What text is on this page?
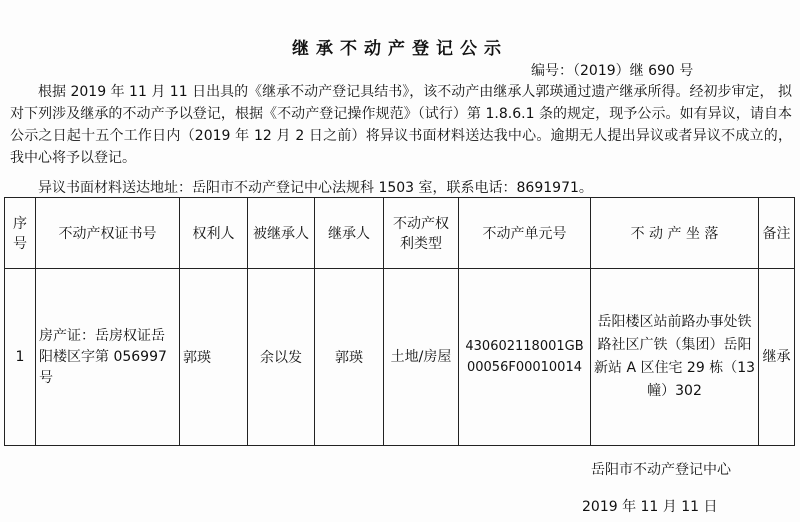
继承不动产登记公示
编号：（2019）继 690 号
根据 2019 年 11 月 11 日出具的《继承不动产登记具结书》，该不动产由继承人郭瑛通过遗产继承所得。经初步审定， 拟对下列涉及继承的不动产予以登记，根据《不动产登记操作规范》（试行）第 1.8.6.1 条的规定，现予公示。如有异议，请自本公示之日起十五个工作日内（2019 年 12 月 2 日之前）将异议书面材料送达我中心。逾期无人提出异议或者异议不成立的，我中心将予以登记。
异议书面材料送达地址：岳阳市不动产登记中心法规科 1503 室，联系电话：8691971。
序号	不动产权证书号	权利人	被继承人	继承人	不动产权利类型	不动产单元号	不 动 产 坐 落	备注
1	房产证：岳房权证岳阳楼区字第 056997 号	郭瑛	余以发	郭瑛	土地/房屋	430602118001GB00056F00010014	岳阳楼区站前路办事处铁路社区广铁（集团）岳阳新站 A 区住宅 29 栋（13 幢）302	继承
岳阳市不动产登记中心
2019 年 11 月 11 日
